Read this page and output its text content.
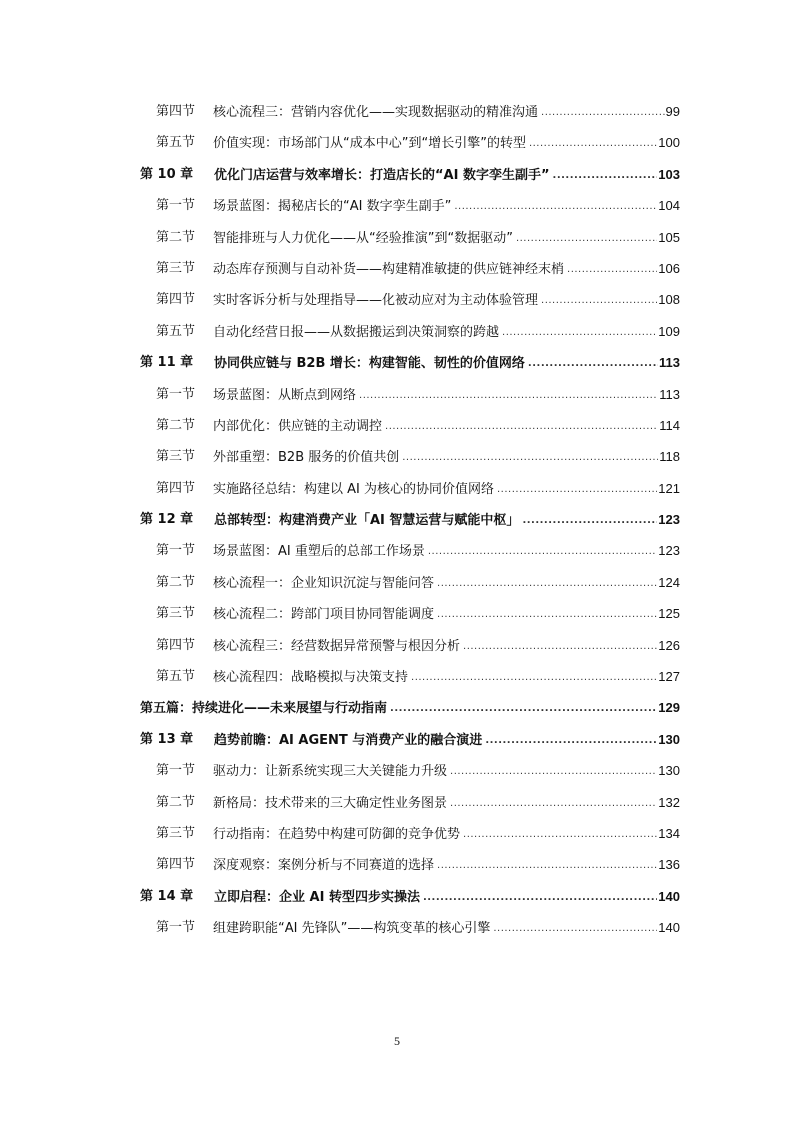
第四节 核心流程三：营销内容优化——实现数据驱动的精准沟通 .....	99
第五节 价值实现：市场部门从“成本中心”到“增长引擎”的转型 .....	100
第 10 章 优化门店运营与效率增长：打造店长的“AI 数字孪生副手” .....	103
第一节 场景蓝图：揭秘店长的“AI 数字孪生副手” .....	104
第二节 智能排班与人力优化——从“经验推演”到“数据驱动” .....	105
第三节 动态库存预测与自动补货——构建精准敏捷的供应链神经末梢 .....	106
第四节 实时客诉分析与处理指导——化被动应对为主动体验管理 .....	108
第五节 自动化经营日报——从数据搬运到决策洞察的跨越 .....	109
第 11 章 协同供应链与 B2B 增长：构建智能、韧性的价值网络 .....	113
第一节 场景蓝图：从断点到网络 .....	113
第二节 内部优化：供应链的主动调控 .....	114
第三节 外部重塑：B2B 服务的价值共创 .....	118
第四节 实施路径总结：构建以 AI 为核心的协同价值网络 .....	121
第 12 章 总部转型：构建消费产业「AI 智慧运营与赋能中枢」 .....	123
第一节 场景蓝图：AI 重塑后的总部工作场景 .....	123
第二节 核心流程一：企业知识沉淀与智能问答 .....	124
第三节 核心流程二：跨部门项目协同智能调度 .....	125
第四节 核心流程三：经营数据异常预警与根因分析 .....	126
第五节 核心流程四：战略模拟与决策支持 .....	127
第五篇：持续进化——未来展望与行动指南 .....	129
第 13 章 趋势前瞻：AI AGENT 与消费产业的融合演进 .....	130
第一节 驱动力：让新系统实现三大关键能力升级 .....	130
第二节 新格局：技术带来的三大确定性业务图景 .....	132
第三节 行动指南：在趋势中构建可防御的竞争优势 .....	134
第四节 深度观察：案例分析与不同赛道的选择 .....	136
第 14 章 立即启程：企业 AI 转型四步实操法 .....	140
第一节 组建跨职能“AI 先锋队”——构筑变革的核心引擎 .....	140
5
